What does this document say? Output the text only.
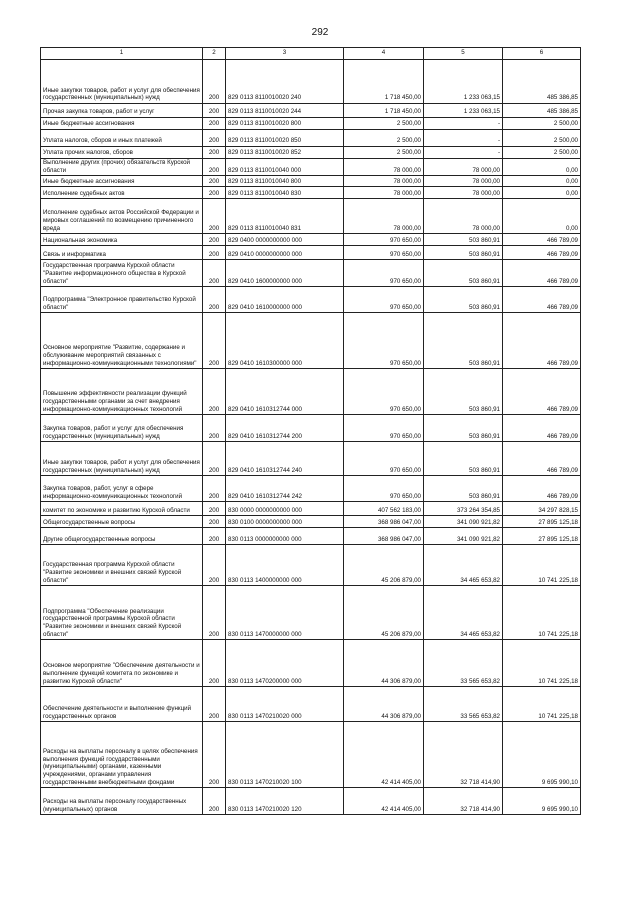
292
1	2	3	4	5	6
Иные закупки товаров, работ и услуг для обеспечения государственных (муниципальных) нужд	200	829 0113 8110010020 240	1 718 450,00	1 233 063,15	485 386,85
Прочая закупка товаров, работ и услуг	200	829 0113 8110010020 244	1 718 450,00	1 233 063,15	485 386,85
Иные бюджетные ассигнования	200	829 0113 8110010020 800	2 500,00	-	2 500,00
Уплата налогов, сборов и иных платежей	200	829 0113 8110010020 850	2 500,00	-	2 500,00
Уплата прочих налогов, сборов	200	829 0113 8110010020 852	2 500,00	-	2 500,00
Выполнение других (прочих) обязательств Курской области	200	829 0113 8110010040 000	78 000,00	78 000,00	0,00
Иные бюджетные ассигнования	200	829 0113 8110010040 800	78 000,00	78 000,00	0,00
Исполнение судебных актов	200	829 0113 8110010040 830	78 000,00	78 000,00	0,00
Исполнение судебных актов Российской Федерации и мировых соглашений по возмещению причиненного вреда	200	829 0113 8110010040 831	78 000,00	78 000,00	0,00
Национальная экономика	200	829 0400 0000000000 000	970 650,00	503 860,91	466 789,09
Связь и информатика	200	829 0410 0000000000 000	970 650,00	503 860,91	466 789,09
Государственная программа Курской области "Развитие информационного общества в Курской области"	200	829 0410 1600000000 000	970 650,00	503 860,91	466 789,09
Подпрограмма "Электронное правительство Курской области"	200	829 0410 1610000000 000	970 650,00	503 860,91	466 789,09
Основное мероприятие "Развитие, содержание и обслуживание мероприятий связанных с информационно-коммуникационными технологиями"	200	829 0410 1610300000 000	970 650,00	503 860,91	466 789,09
Повышение эффективности реализации функций государственными органами за счет внедрения информационно-коммуникационных технологий	200	829 0410 1610312744 000	970 650,00	503 860,91	466 789,09
Закупка товаров, работ и услуг для обеспечения государственных (муниципальных) нужд	200	829 0410 1610312744 200	970 650,00	503 860,91	466 789,09
Иные закупки товаров, работ и услуг для обеспечения государственных (муниципальных) нужд	200	829 0410 1610312744 240	970 650,00	503 860,91	466 789,09
Закупка товаров, работ, услуг в сфере информационно-коммуникационных технологий	200	829 0410 1610312744 242	970 650,00	503 860,91	466 789,09
комитет по экономике и развитию Курской области	200	830 0000 0000000000 000	407 562 183,00	373 264 354,85	34 297 828,15
Общегосударственные вопросы	200	830 0100 0000000000 000	368 986 047,00	341 090 921,82	27 895 125,18
Другие общегосударственные вопросы	200	830 0113 0000000000 000	368 986 047,00	341 090 921,82	27 895 125,18
Государственная программа Курской области "Развитие экономики и внешних связей Курской области"	200	830 0113 1400000000 000	45 206 879,00	34 465 653,82	10 741 225,18
Подпрограмма "Обеспечение реализации государственной программы Курской области "Развитие экономики и внешних связей Курской области"	200	830 0113 1470000000 000	45 206 879,00	34 465 653,82	10 741 225,18
Основное мероприятие "Обеспечение деятельности и выполнение функций комитета по экономике и развитию Курской области"	200	830 0113 1470200000 000	44 306 879,00	33 565 653,82	10 741 225,18
Обеспечение деятельности и выполнение функций государственных органов	200	830 0113 1470210020 000	44 306 879,00	33 565 653,82	10 741 225,18
Расходы на выплаты персоналу в целях обеспечения выполнения функций государственными (муниципальными) органами, казенными учреждениями, органами управления государственными внебюджетными фондами	200	830 0113 1470210020 100	42 414 405,00	32 718 414,90	9 695 990,10
Расходы на выплаты персоналу государственных (муниципальных) органов	200	830 0113 1470210020 120	42 414 405,00	32 718 414,90	9 695 990,10
